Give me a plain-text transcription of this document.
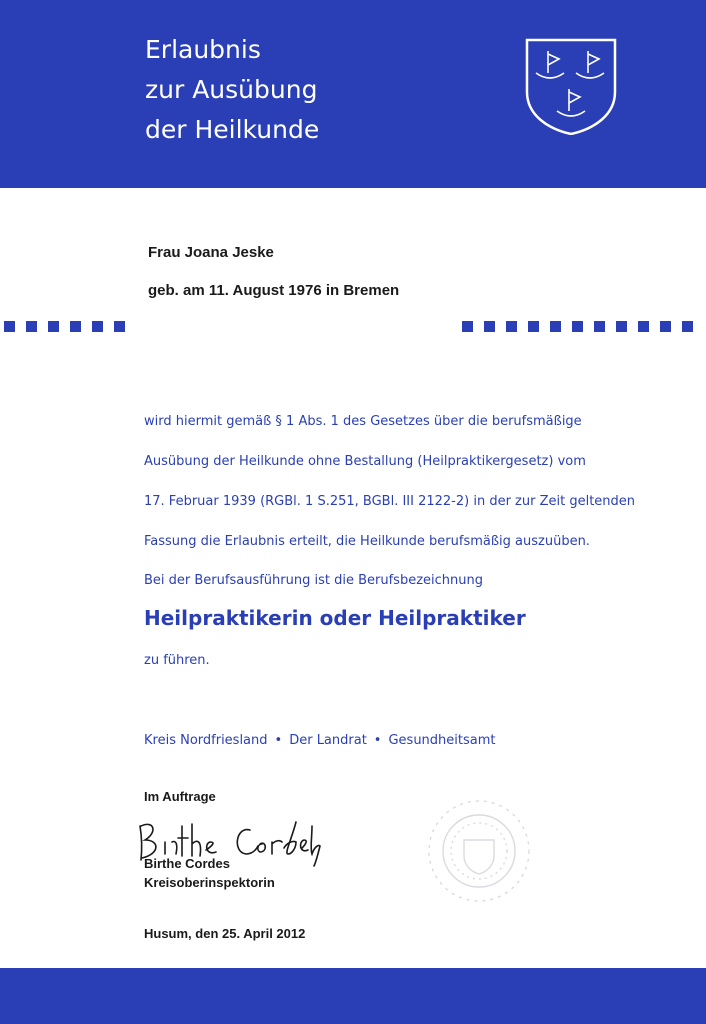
Erlaubnis
zur Ausübung
der Heilkunde
Frau Joana Jeske
geb. am 11. August 1976 in Bremen
wird hiermit gemäß § 1 Abs. 1 des Gesetzes über die berufsmäßige
Ausübung der Heilkunde ohne Bestallung (Heilpraktikergesetz) vom
17. Februar 1939 (RGBl. 1 S.251, BGBl. III 2122-2) in der zur Zeit geltenden
Fassung die Erlaubnis erteilt, die Heilkunde berufsmäßig auszuüben.
Bei der Berufsausführung ist die Berufsbezeichnung
Heilpraktikerin oder Heilpraktiker
zu führen.
Kreis Nordfriesland • Der Landrat • Gesundheitsamt
Im Auftrage
Birthe Cordes
Kreisoberinspektorin
Husum, den 25. April 2012
